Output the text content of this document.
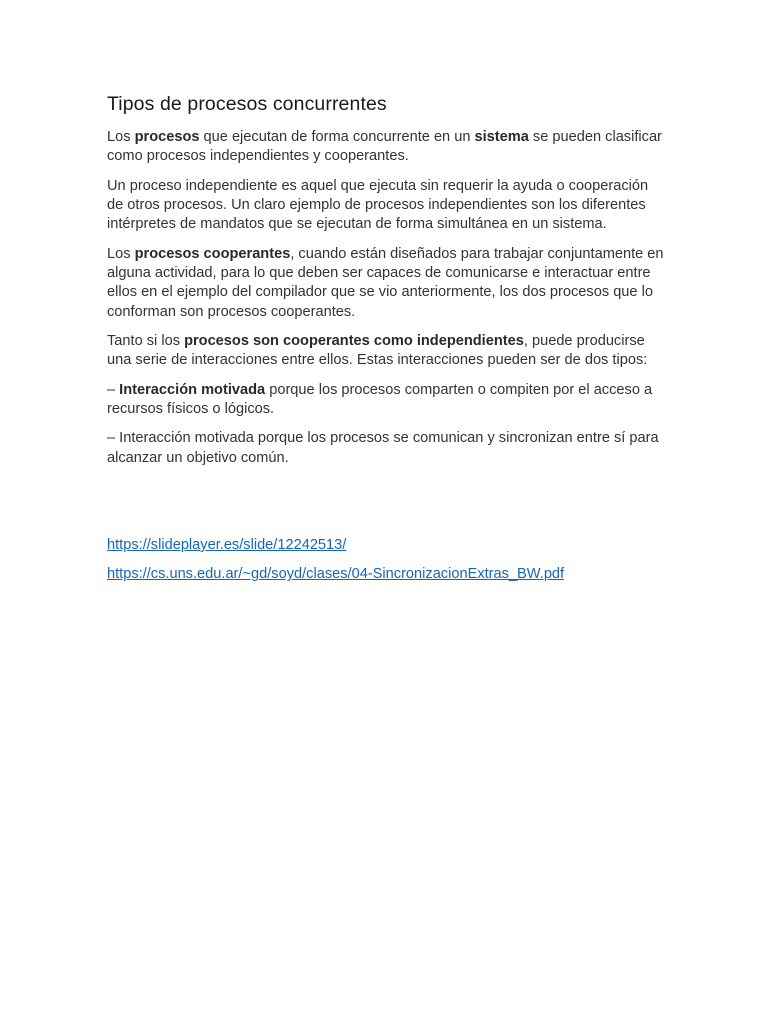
Tipos de procesos concurrentes

Los procesos que ejecutan de forma concurrente en un sistema se pueden clasificar como procesos independientes y cooperantes.

Un proceso independiente es aquel que ejecuta sin requerir la ayuda o cooperación de otros procesos. Un claro ejemplo de procesos independientes son los diferentes intérpretes de mandatos que se ejecutan de forma simultánea en un sistema.

Los procesos cooperantes, cuando están diseñados para trabajar conjuntamente en alguna actividad, para lo que deben ser capaces de comunicarse e interactuar entre ellos en el ejemplo del compilador que se vio anteriormente, los dos procesos que lo conforman son procesos cooperantes.

Tanto si los procesos son cooperantes como independientes, puede producirse una serie de interacciones entre ellos. Estas interacciones pueden ser de dos tipos:

– Interacción motivada porque los procesos comparten o compiten por el acceso a recursos físicos o lógicos.

– Interacción motivada porque los procesos se comunican y sincronizan entre sí para alcanzar un objetivo común.

https://slideplayer.es/slide/12242513/
https://cs.uns.edu.ar/~gd/soyd/clases/04-SincronizacionExtras_BW.pdf
